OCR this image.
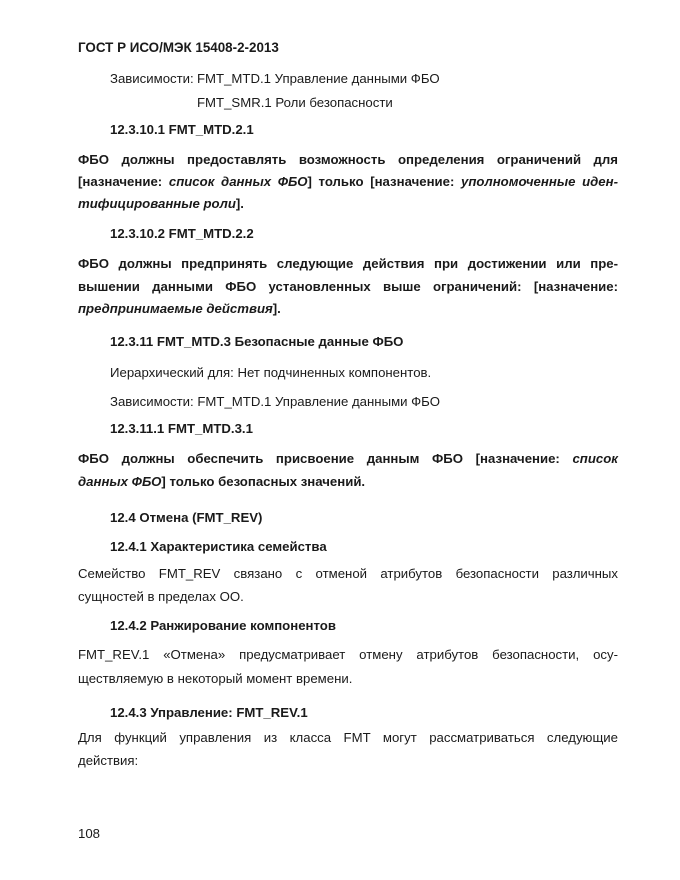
ГОСТ Р ИСО/МЭК 15408-2-2013
Зависимости: FMT_MTD.1 Управление данными ФБО
FMT_SMR.1 Роли безопасности
12.3.10.1 FMT_MTD.2.1
ФБО должны предоставлять возможность определения ограничений для
[назначение: список данных ФБО] только [назначение: уполномоченные иден-
тифицированные роли].
12.3.10.2 FMT_MTD.2.2
ФБО должны предпринять следующие действия при достижении или пре-
вышении данными ФБО установленных выше ограничений: [назначение:
предпринимаемые действия].
12.3.11 FMT_MTD.3 Безопасные данные ФБО
Иерархический для: Нет подчиненных компонентов.
Зависимости: FMT_MTD.1 Управление данными ФБО
12.3.11.1 FMT_MTD.3.1
ФБО должны обеспечить присвоение данным ФБО [назначение: список
данных ФБО] только безопасных значений.
12.4 Отмена (FMT_REV)
12.4.1 Характеристика семейства
Семейство FMT_REV связано с отменой атрибутов безопасности различных
сущностей в пределах ОО.
12.4.2 Ранжирование компонентов
FMT_REV.1 «Отмена» предусматривает отмену атрибутов безопасности, осу-
ществляемую в некоторый момент времени.
12.4.3 Управление: FMT_REV.1
Для функций управления из класса FMT могут рассматриваться следующие
действия:
108
